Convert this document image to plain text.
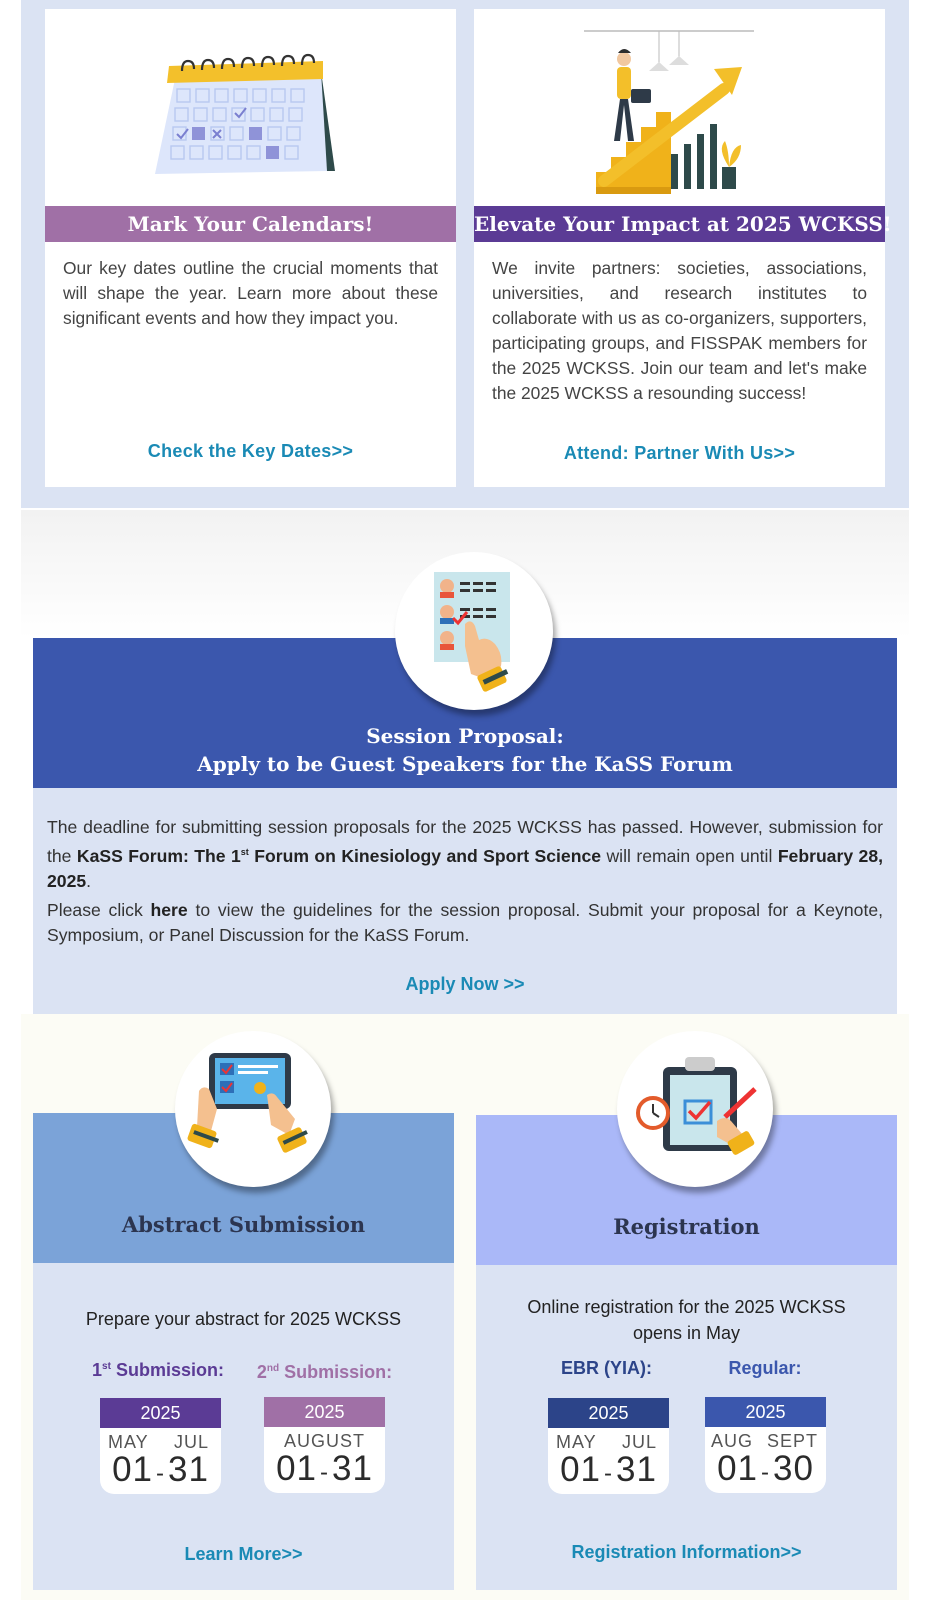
Mark Your Calendars!
Our key dates outline the crucial moments that will shape the year. Learn more about these significant events and how they impact you.
Check the Key Dates>>
Elevate Your Impact at 2025 WCKSS!
We invite partners: societies, associations, universities, and research institutes to collaborate with us as co-organizers, supporters, participating groups, and FISSPAK members for the 2025 WCKSS. Join our team and let's make the 2025 WCKSS a resounding success!
Attend: Partner With Us>>
Session Proposal:
Apply to be Guest Speakers for the KaSS Forum
The deadline for submitting session proposals for the 2025 WCKSS has passed. However, submission for the KaSS Forum: The 1st Forum on Kinesiology and Sport Science will remain open until February 28, 2025.
Please click here to view the guidelines for the session proposal. Submit your proposal for a Keynote, Symposium, or Panel Discussion for the KaSS Forum.
Apply Now >>
Abstract Submission
Prepare your abstract for 2025 WCKSS
1st Submission: 2nd Submission:
2025
MAY JUL
01 -31
2025
AUGUST
01 -31
Learn More>>
Registration
Online registration for the 2025 WCKSS
opens in May
EBR (YIA):	Regular:
2025
MAY JUL
01 -31
2025
AUG SEPT
01 -30
Registration Information>>
